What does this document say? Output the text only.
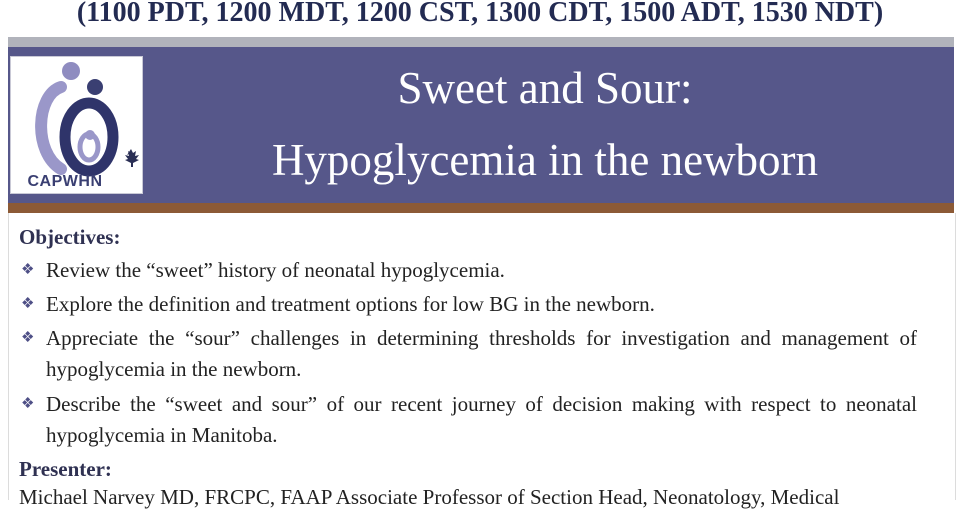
(1100 PDT, 1200 MDT, 1200 CST, 1300 CDT, 1500 ADT, 1530 NDT)
CAPWHN
Sweet and Sour:
Hypoglycemia in the newborn
Objectives:
❖ Review the “sweet” history of neonatal hypoglycemia.
❖ Explore the definition and treatment options for low BG in the newborn.
❖ Appreciate the “sour” challenges in determining thresholds for investigation and management of hypoglycemia in the newborn.
❖ Describe the “sweet and sour” of our recent journey of decision making with respect to neonatal hypoglycemia in Manitoba.
Presenter:
Michael Narvey MD, FRCPC, FAAP Associate Professor of Section Head, Neonatology, Medical
